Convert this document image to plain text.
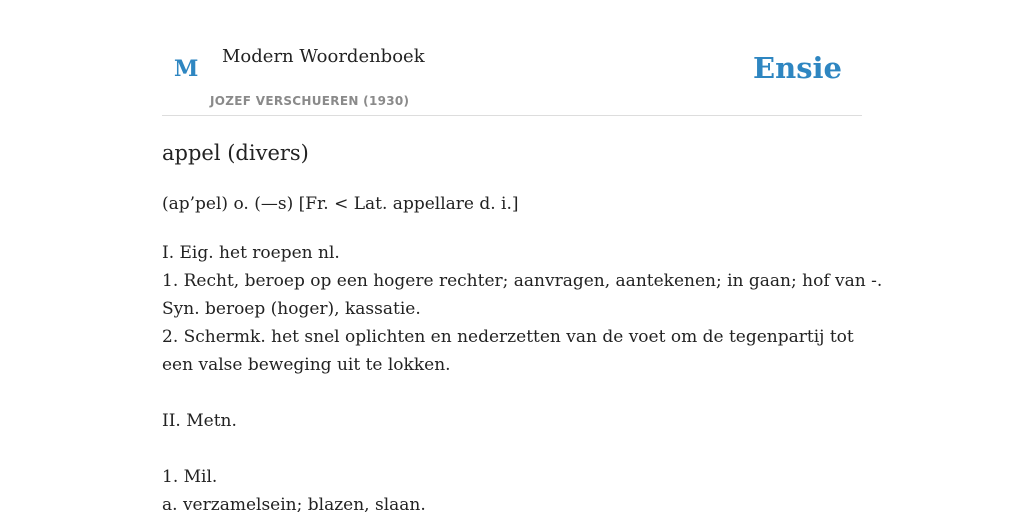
M Modern Woordenboek
JOZEF VERSCHUEREN (1930)
Ensie
appel (divers)
(ap’pel) o. (—s) [Fr. < Lat. appellare d. i.]
I. Eig. het roepen nl.
1. Recht, beroep op een hogere rechter; aanvragen, aantekenen; in gaan; hof van -.
Syn. beroep (hoger), kassatie.
2. Schermk. het snel oplichten en nederzetten van de voet om de tegenpartij tot
een valse beweging uit te lokken.
II. Metn.
1. Mil.
a. verzamelsein; blazen, slaan.
